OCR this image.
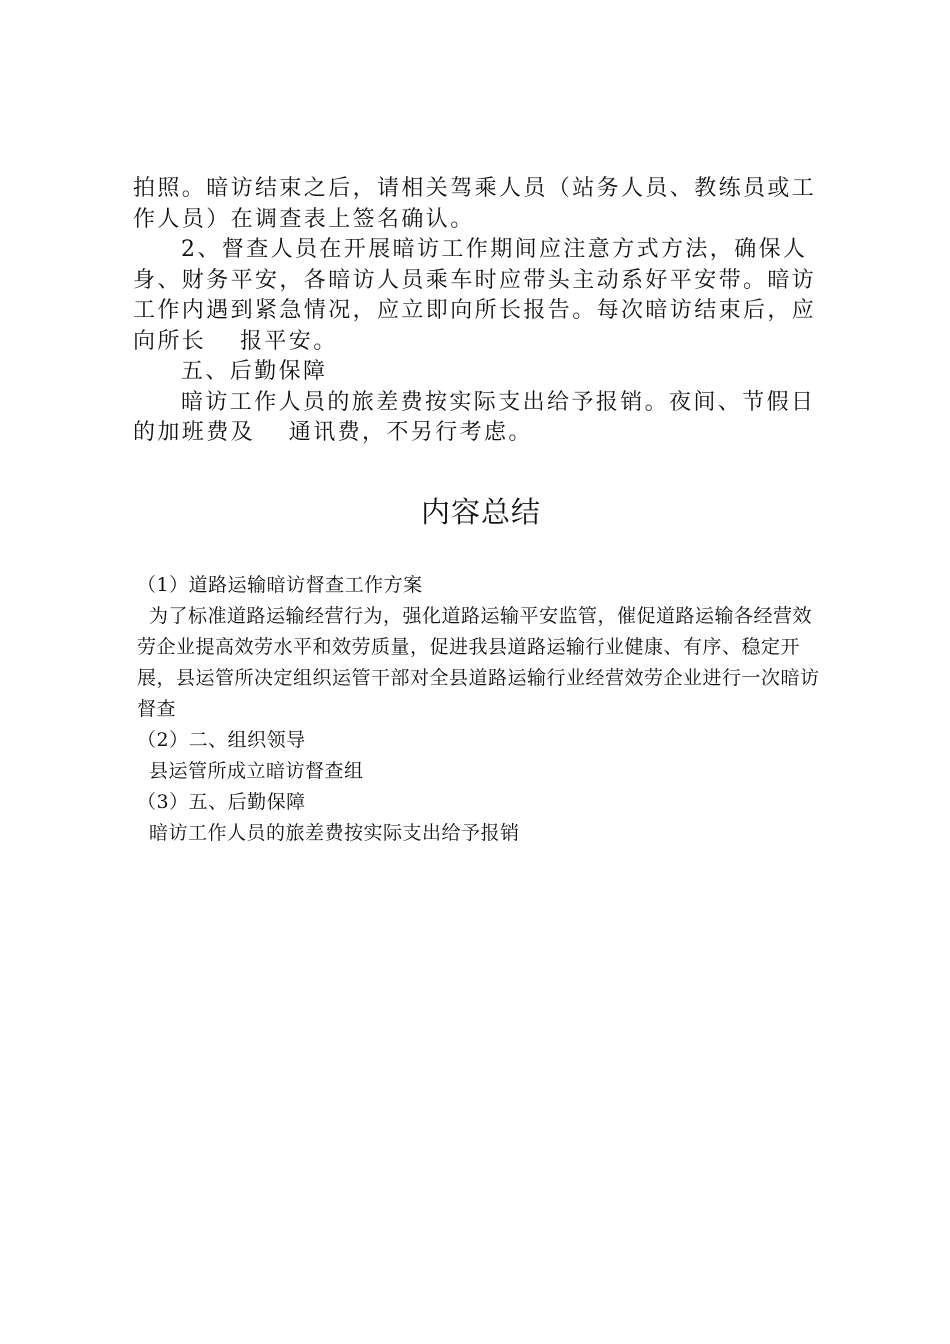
拍照。暗访结束之后，请相关驾乘人员（站务人员、教练员或工作人员）在调查表上签名确认。

2、督查人员在开展暗访工作期间应注意方式方法，确保人身、财务平安，各暗访人员乘车时应带头主动系好平安带。暗访工作内遇到紧急情况，应立即向所长报告。每次暗访结束后，应向所长　 报平安。

五、后勤保障

暗访工作人员的旅差费按实际支出给予报销。夜间、节假日的加班费及　 通讯费，不另行考虑。

内容总结

（1）道路运输暗访督查工作方案

为了标准道路运输经营行为，强化道路运输平安监管，催促道路运输各经营效劳企业提高效劳水平和效劳质量，促进我县道路运输行业健康、有序、稳定开展，县运管所决定组织运管干部对全县道路运输行业经营效劳企业进行一次暗访督查

（2）二、组织领导

县运管所成立暗访督查组

（3）五、后勤保障

暗访工作人员的旅差费按实际支出给予报销
